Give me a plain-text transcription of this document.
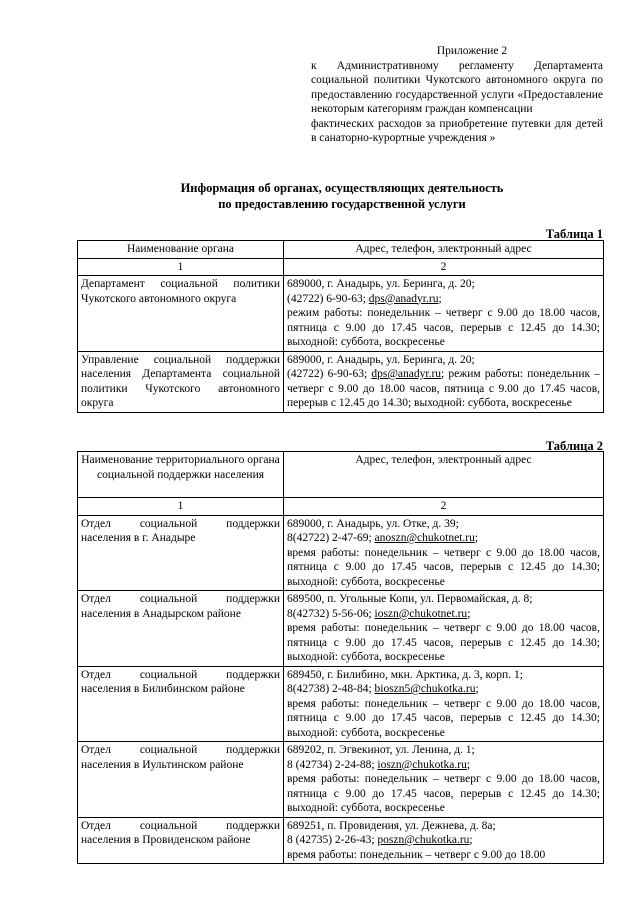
Приложение 2

к Административному регламенту Департамента социальной политики Чукотского автономного округа по предоставлению государственной услуги «Предоставление некоторым категориям граждан компенсации

фактических расходов за приобретение путевки для детей в санаторно-курортные учреждения »

Информация об органах, осуществляющих деятельность
по предоставлению государственной услуги
Таблица 1
Наименование органа	Адрес, телефон, электронный адрес
1	2
Департамент социальной политики Чукотского автономного округа	689000, г. Анадырь, ул. Беринга, д. 20;
(42722) 6-90-63; dps@anadyr.ru;
режим работы: понедельник – четверг с 9.00 до 18.00 часов, пятница с 9.00 до 17.45 часов, перерыв с 12.45 до 14.30; выходной: суббота, воскресенье
Управление социальной поддержки населения Департамента социальной политики Чукотского автономного округа	689000, г. Анадырь, ул. Беринга, д. 20;
(42722) 6-90-63; dps@anadyr.ru; режим работы: понедельник – четверг с 9.00 до 18.00 часов, пятница с 9.00 до 17.45 часов, перерыв с 12.45 до 14.30; выходной: суббота, воскресенье
Таблица 2
Наименование территориального органа социальной поддержки населения	Адрес, телефон, электронный адрес
1	2
Отдел социальной поддержки населения в г. Анадыре	689000, г. Анадырь, ул. Отке, д. 39;
8(42722) 2-47-69; anoszn@chukotnet.ru;
время работы: понедельник – четверг с 9.00 до 18.00 часов, пятница с 9.00 до 17.45 часов, перерыв с 12.45 до 14.30; выходной: суббота, воскресенье
Отдел социальной поддержки населения в Анадырском районе	689500, п. Угольные Копи, ул. Первомайская, д. 8;
8(42732) 5-56-06; ioszn@chukotnet.ru;
время работы: понедельник – четверг с 9.00 до 18.00 часов, пятница с 9.00 до 17.45 часов, перерыв с 12.45 до 14.30; выходной: суббота, воскресенье
Отдел социальной поддержки населения в Билибинском районе	689450, г. Билибино, мкн. Арктика, д. 3, корп. 1;
8(42738) 2-48-84; bioszn5@chukotka.ru;
время работы: понедельник – четверг с 9.00 до 18.00 часов, пятница с 9.00 до 17.45 часов, перерыв с 12.45 до 14.30; выходной: суббота, воскресенье
Отдел социальной поддержки населения в Иультинском районе	689202, п. Эгвекинот, ул. Ленина, д. 1;
8 (42734) 2-24-88; ioszn@chukotka.ru;
время работы: понедельник – четверг с 9.00 до 18.00 часов, пятница с 9.00 до 17.45 часов, перерыв с 12.45 до 14.30; выходной: суббота, воскресенье
Отдел социальной поддержки населения в Провиденском районе	689251, п. Провидения, ул. Дежнева, д. 8а;
8 (42735) 2-26-43; poszn@chukotka.ru;
время работы: понедельник – четверг с 9.00 до 18.00
